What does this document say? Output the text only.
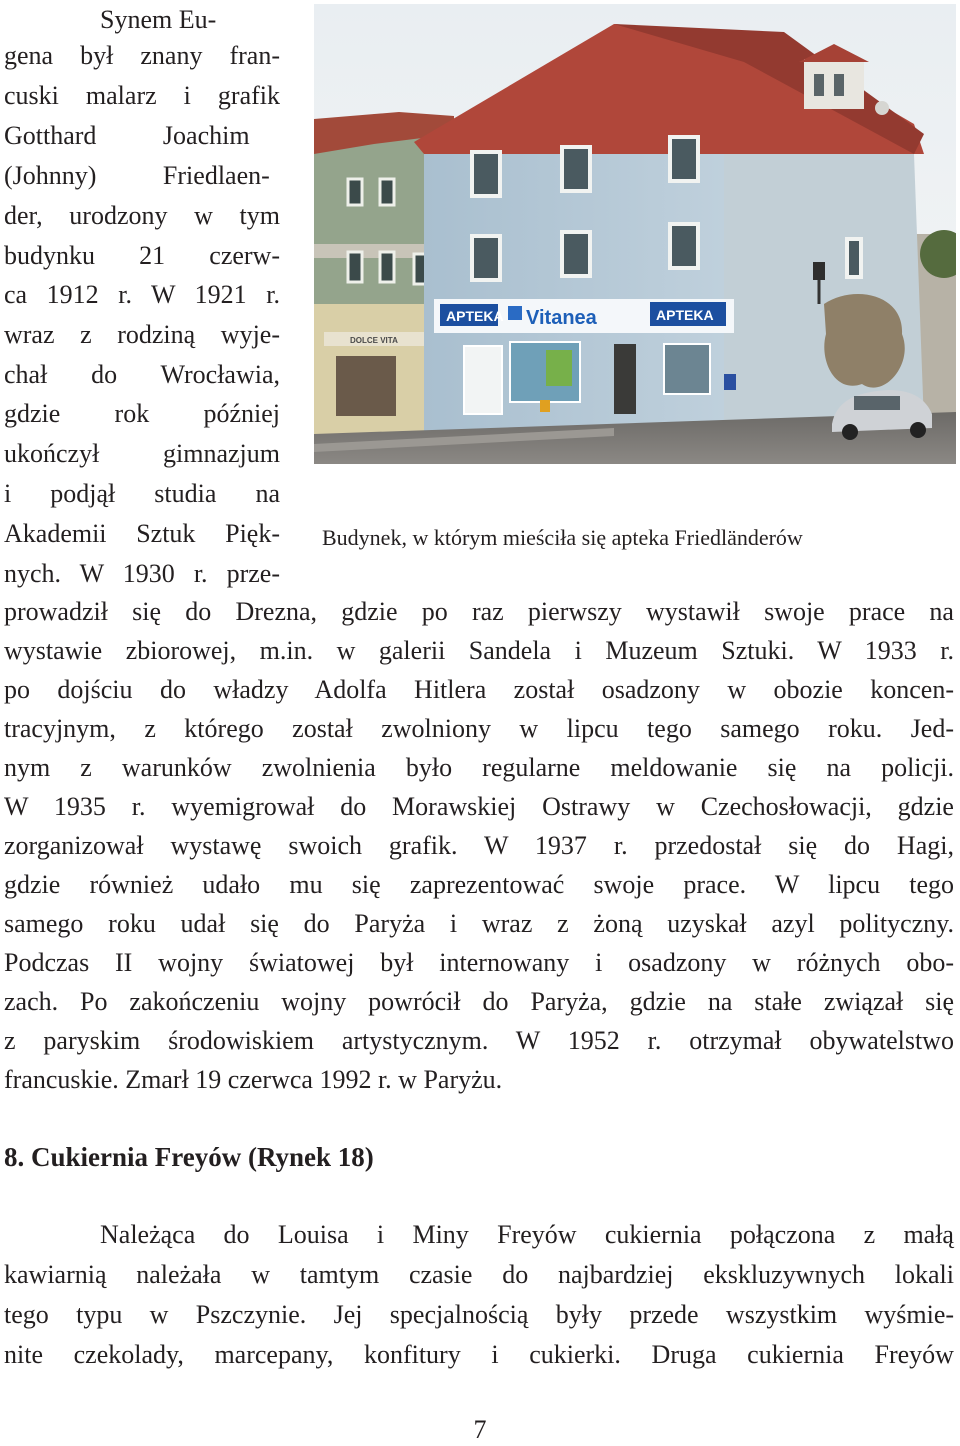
DOLCE VITA
APTEKA Vitanea	APTEKA
Budynek, w którym mieściła się apteka Friedländerów
Synem Eu-
gena był znany fran-
cuski malarz i grafik
Gotthard Joachim
(Johnny) Friedlaen-
der, urodzony w tym
budynku 21 czerw-
ca 1912 r. W 1921 r.
wraz z rodziną wyje-
chał do Wrocławia,
gdzie rok później
ukończył gimnazjum
i podjął studia na
Akademii Sztuk Pięk-
nych. W 1930 r. prze-
prowadził się do Drezna, gdzie po raz pierwszy wystawił swoje prace na
wystawie zbiorowej, m.in. w galerii Sandela i Muzeum Sztuki. W 1933 r.
po dojściu do władzy Adolfa Hitlera został osadzony w obozie koncen-
tracyjnym, z którego został zwolniony w lipcu tego samego roku. Jed-
nym z warunków zwolnienia było regularne meldowanie się na policji.
W 1935 r. wyemigrował do Morawskiej Ostrawy w Czechosłowacji, gdzie
zorganizował wystawę swoich grafik. W 1937 r. przedostał się do Hagi,
gdzie również udało mu się zaprezentować swoje prace. W lipcu tego
samego roku udał się do Paryża i wraz z żoną uzyskał azyl polityczny.
Podczas II wojny światowej był internowany i osadzony w różnych obo-
zach. Po zakończeniu wojny powrócił do Paryża, gdzie na stałe związał się
z paryskim środowiskiem artystycznym. W 1952 r. otrzymał obywatelstwo
francuskie. Zmarł 19 czerwca 1992 r. w Paryżu.
8. Cukiernia Freyów (Rynek 18)
Należąca do Louisa i Miny Freyów cukiernia połączona z małą
kawiarnią należała w tamtym czasie do najbardziej ekskluzywnych lokali
tego typu w Pszczynie. Jej specjalnością były przede wszystkim wyśmie-
nite czekolady, marcepany, konfitury i cukierki. Druga cukiernia Freyów
7
